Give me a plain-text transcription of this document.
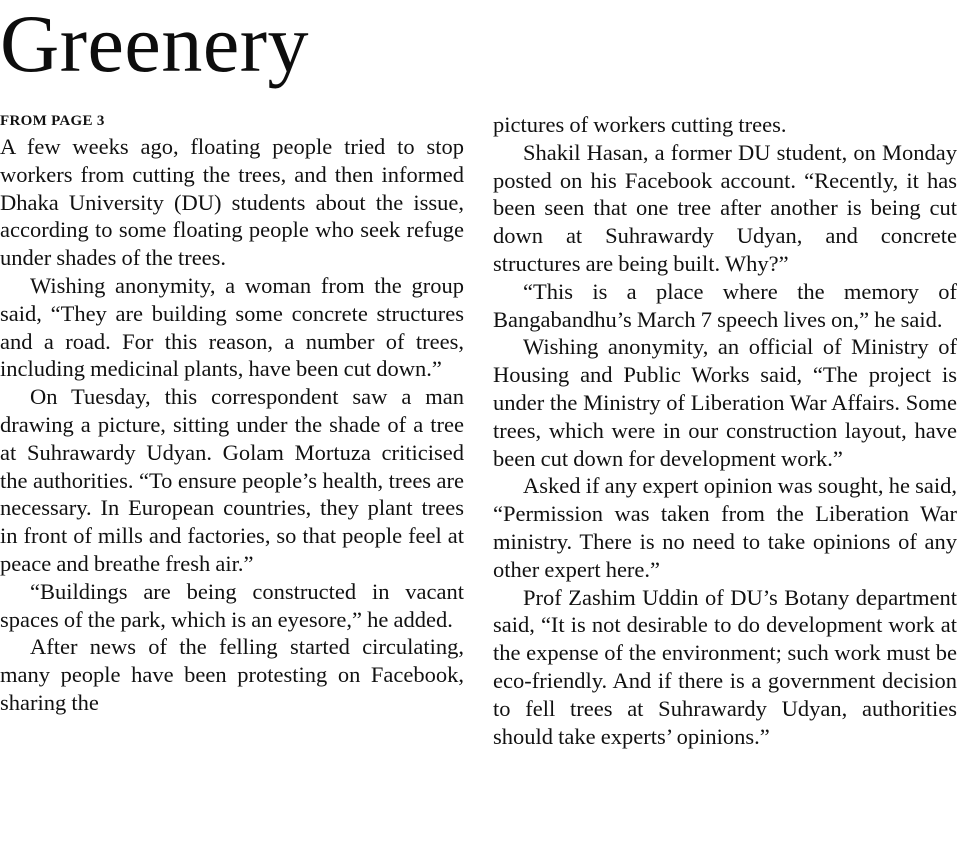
Greenery
FROM PAGE 3

A few weeks ago, floating people tried to stop workers from cutting the trees, and then informed Dhaka University (DU) students about the issue, according to some floating people who seek refuge under shades of the trees.

Wishing anonymity, a woman from the group said, “They are building some concrete structures and a road. For this reason, a number of trees, including medicinal plants, have been cut down.”

On Tuesday, this correspondent saw a man drawing a picture, sitting under the shade of a tree at Suhrawardy Udyan. Golam Mortuza criticised the authorities. “To ensure people’s health, trees are necessary. In European countries, they plant trees in front of mills and factories, so that people feel at peace and breathe fresh air.”

“Buildings are being constructed in vacant spaces of the park, which is an eyesore,” he added.

After news of the felling started circulating, many people have been protesting on Facebook, sharing the

pictures of workers cutting trees.

Shakil Hasan, a former DU student, on Monday posted on his Facebook account. “Recently, it has been seen that one tree after another is being cut down at Suhrawardy Udyan, and concrete structures are being built. Why?”

“This is a place where the memory of Bangabandhu’s March 7 speech lives on,” he said.

Wishing anonymity, an official of Ministry of Housing and Public Works said, “The project is under the Ministry of Liberation War Affairs. Some trees, which were in our construction layout, have been cut down for development work.”

Asked if any expert opinion was sought, he said, “Permission was taken from the Liberation War ministry. There is no need to take opinions of any other expert here.”

Prof Zashim Uddin of DU’s Botany department said, “It is not desirable to do development work at the expense of the environment; such work must be eco-friendly. And if there is a government decision to fell trees at Suhrawardy Udyan, authorities should take experts’ opinions.”
